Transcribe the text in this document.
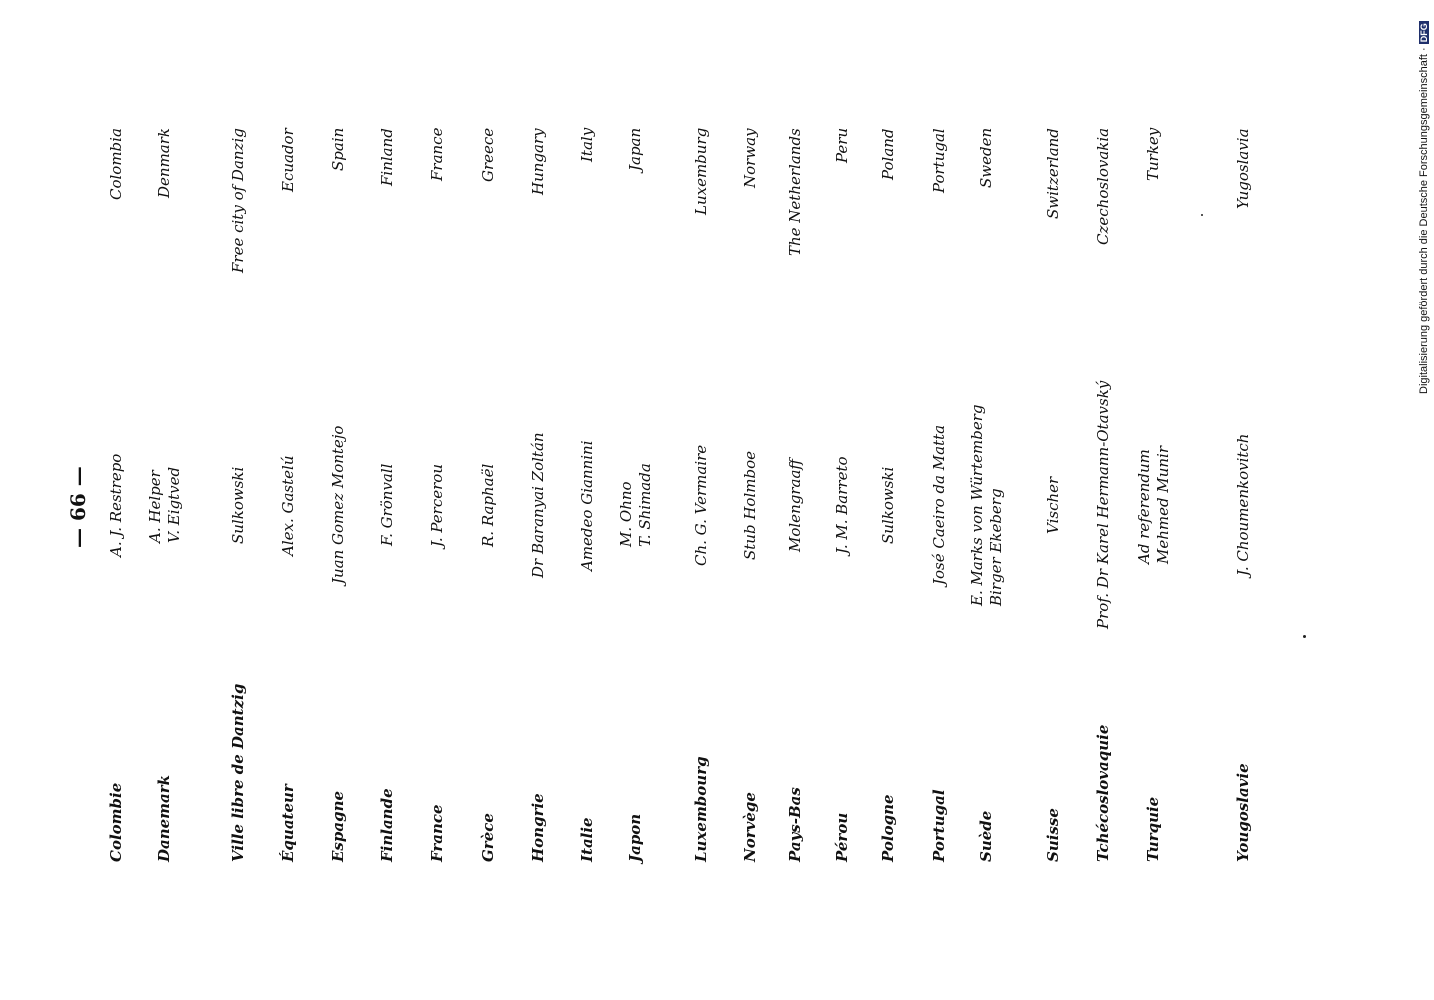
— 66 —
Colombie
A. J. Restrepo
Colombia
Danemark
A. Helper V. Eigtved
Denmark
Ville libre de Dantzig
Sulkowski
Free city of Danzig
Équateur
Alex. Gastelú
Ecuador
Espagne
Juan Gomez Montejo
Spain
Finlande
F. Grönvall
Finland
France
J. Percerou
France
Grèce
R. Raphaël
Greece
Hongrie
Dr Baranyai Zoltán
Hungary
Italie
Amedeo Giannini
Italy
Japon
M. Ohno T. Shimada
Japan
Luxembourg
Ch. G. Vermaire
Luxemburg
Norvège
Stub Holmboe
Norway
Pays-Bas
Molengraaff
The Netherlands
Pérou
J. M. Barreto
Peru
Pologne
Sulkowski
Poland
Portugal
José Caeiro da Matta
Portugal
Suède
E. Marks von Würtemberg Birger Ekeberg
Sweden
Suisse
Vischer
Switzerland
Tchécoslovaquie
Prof. Dr Karel Hermann-Otavský
Czechoslovakia
Turquie
Ad referendum Mehmed Munir
Turkey
Yougoslavie
J. Choumenkovitch
Yugoslavia	Digitalisierung gefördert durch die Deutsche Forschungsgemeinschaft · DFG
